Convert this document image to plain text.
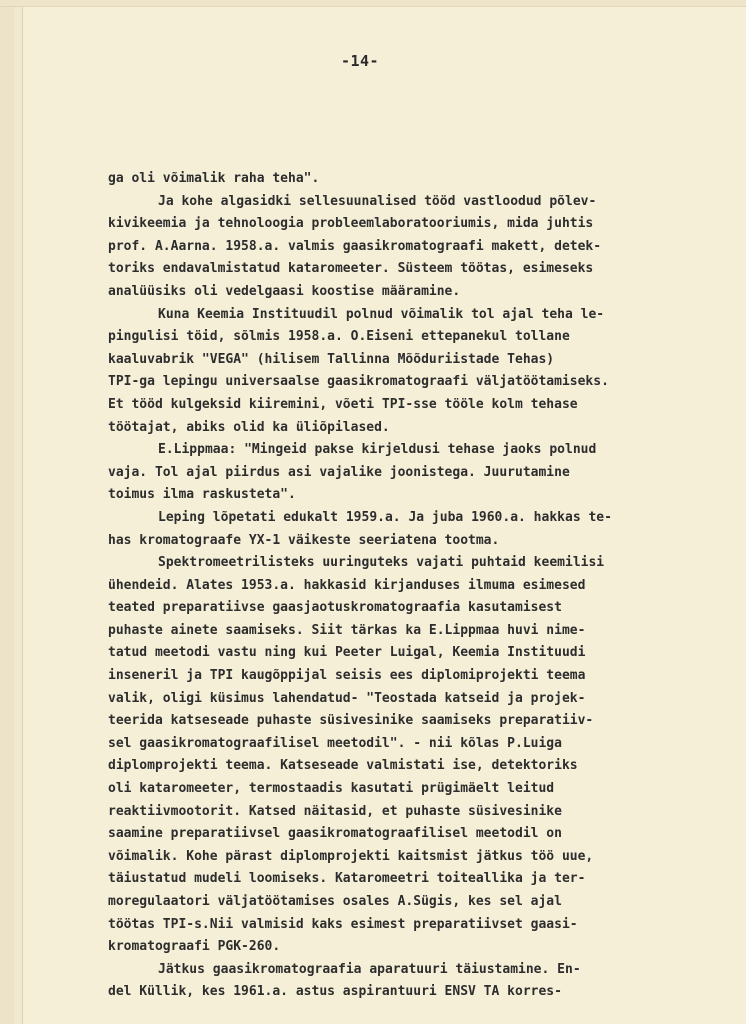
-14-
ga oli võimalik raha teha".
Ja kohe algasidki sellesuunalised tööd vastloodud põlev-
kivikeemia ja tehnoloogia probleemlaboratooriumis, mida juhtis
prof. A.Aarna. 1958.a. valmis gaasikromatograafi makett, detek-
toriks endavalmistatud kataromeeter. Süsteem töötas, esimeseks
analüüsiks oli vedelgaasi koostise määramine.
Kuna Keemia Instituudil polnud võimalik tol ajal teha le-
pingulisi töid, sõlmis 1958.a. O.Eiseni ettepanekul tollane
kaaluvabrik "VEGA" (hilisem Tallinna Mõõduriistade Tehas)
TPI-ga lepingu universaalse gaasikromatograafi väljatöötamiseks.
Et tööd kulgeksid kiiremini, võeti TPI-sse tööle kolm tehase
töötajat, abiks olid ka üliõpilased.
E.Lippmaa: "Mingeid pakse kirjeldusi tehase jaoks polnud
vaja. Tol ajal piirdus asi vajalike joonistega. Juurutamine
toimus ilma raskusteta".
Leping lõpetati edukalt 1959.a. Ja juba 1960.a. hakkas te-
has kromatograafe YX-1 väikeste seeriatena tootma.
Spektromeetrilisteks uuringuteks vajati puhtaid keemilisi
ühendeid. Alates 1953.a. hakkasid kirjanduses ilmuma esimesed
teated preparatiivse gaasjaotuskromatograafia kasutamisest
puhaste ainete saamiseks. Siit tärkas ka E.Lippmaa huvi nime-
tatud meetodi vastu ning kui Peeter Luigal, Keemia Instituudi
inseneril ja TPI kaugõppijal seisis ees diplomiprojekti teema
valik, oligi küsimus lahendatud- "Teostada katseid ja projek-
teerida katseseade puhaste süsivesinike saamiseks preparatiiv-
sel gaasikromatograafilisel meetodil". - nii kõlas P.Luiga
diplomprojekti teema. Katseseade valmistati ise, detektoriks
oli kataromeeter, termostaadis kasutati prügimäelt leitud
reaktiivmootorit. Katsed näitasid, et puhaste süsivesinike
saamine preparatiivsel gaasikromatograafilisel meetodil on
võimalik. Kohe pärast diplomprojekti kaitsmist jätkus töö uue,
täiustatud mudeli loomiseks. Kataromeetri toiteallika ja ter-
moregulaatori väljatöötamises osales A.Sügis, kes sel ajal
töötas TPI-s.Nii valmisid kaks esimest preparatiivset gaasi-
kromatograafi PGK-260.
Jätkus gaasikromatograafia aparatuuri täiustamine. En-
del Küllik, kes 1961.a. astus aspirantuuri ENSV TA korres-
